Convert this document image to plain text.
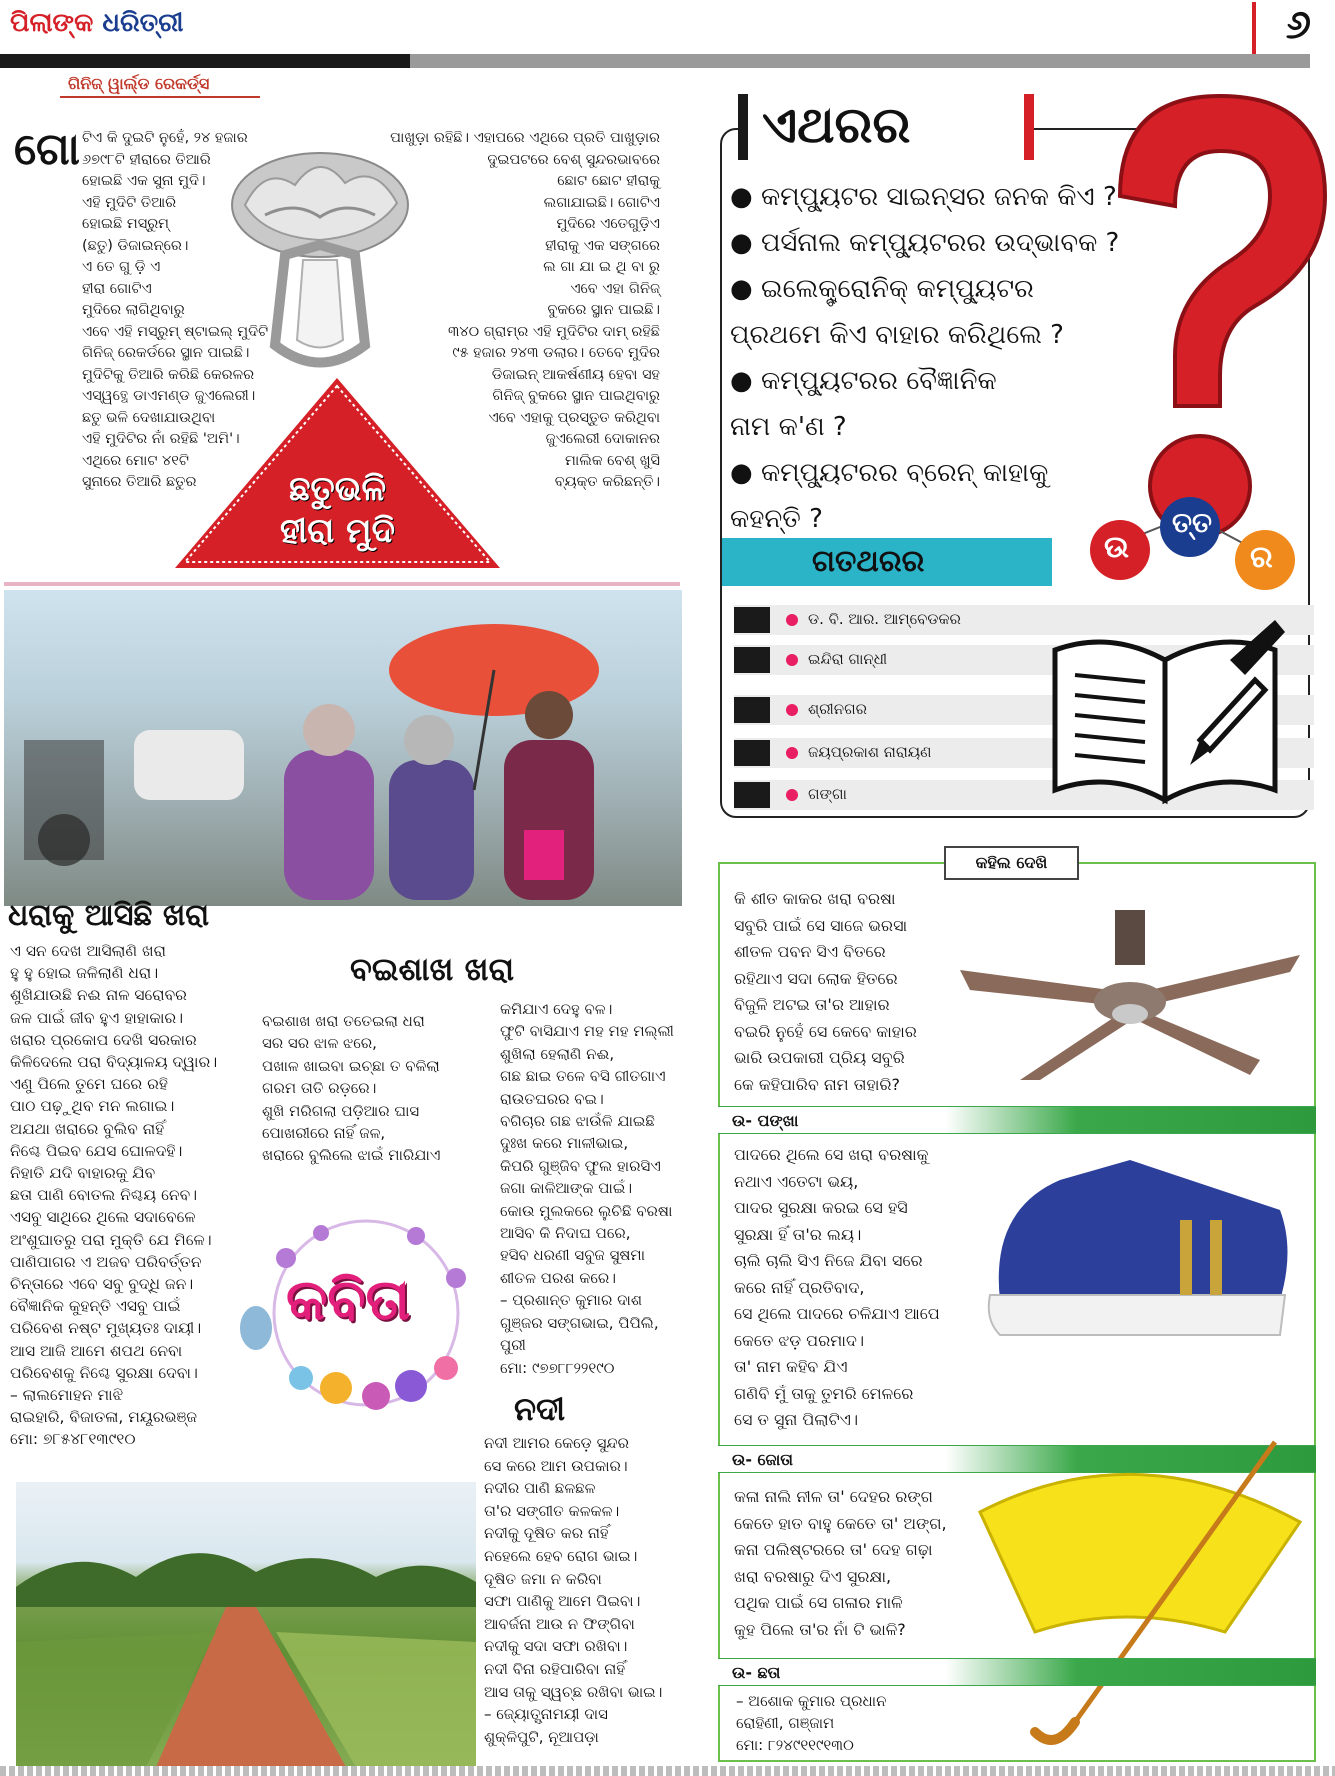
ପିଲାଙ୍କ ଧରିତ୍ରୀ	୬
ଗିନିଜ୍ ୱାର୍ଲ୍ଡ ରେକର୍ଡ୍ସ
ଗୋ ଟିଏ କି ଦୁଇଟି ନୁହେଁ, ୨୪ ହଜାର
୬୭୯୮ଟି ହୀରାରେ ତିଆରି
ହୋଇଛି ଏକ ସୁନା ମୁଦି।
ଏହି ମୁଦିଟି ତିଆରି
ହୋଇଛି ମସ୍‌ରୁମ୍
(ଛତୁ) ଡିଜାଇନ୍‌ରେ।
ଏ ତେ ଗୁ ଡ଼ି ଏ
ହୀରା ଗୋଟିଏ
ମୁଦିରେ ଲାଗିଥିବାରୁ
ଏବେ ଏହି ମସ୍‌ରୁମ୍ ଷ୍ଟାଇଲ୍ ମୁଦିଟି
ଗିନିଜ୍ ରେକର୍ଡରେ ସ୍ଥାନ ପାଇଛି।
ମୁଦିଟିକୁ ତିଆରି କରିଛି କେରଳର
ଏସ୍‌ୱତ୍ଥେ ଡାଏମଣ୍ଡ ଜୁଏଲେରୀ।
ଛତୁ ଭଳି ଦେଖାଯାଉଥିବା
ଏହି ମୁଦିଟିର ନାଁ ରହିଛି 'ଅମି'।
ଏଥିରେ ମୋଟ ୪୧ଟି
ସୁନାରେ ତିଆରି ଛତୁର
ପାଖୁଡ଼ା ରହିଛି। ଏହାପରେ ଏଥିରେ ପ୍ରତି ପାଖୁଡ଼ାର
ଦୁଇପଟରେ ବେଶ୍ ସୁନ୍ଦରଭାବରେ
ଛୋଟ ଛୋଟ ହୀରାକୁ
ଲଗାଯାଇଛି। ଗୋଟିଏ
ମୁଦିରେ ଏତେଗୁଡ଼ିଏ
ହୀରାକୁ ଏକ ସଙ୍ଗରେ
ଲ ଗା ଯା ଇ ଥି ବା ରୁ
ଏବେ ଏହା ଗିନିଜ୍
ବୁକରେ ସ୍ଥାନ ପାଇଛି।
୩୪୦ ଗ୍ରାମ୍‌ର ଏହି ମୁଦିଟିର ଦାମ୍ ରହିଛି
୯୫ ହଜାର ୨୪୩ ଡଲାର। ତେବେ ମୁଦିର
ଡିଜାଇନ୍ ଆକର୍ଷଣୀୟ ହେବା ସହ
ଗିନିଜ୍ ବୁକରେ ସ୍ଥାନ ପାଇଥିବାରୁ
ଏବେ ଏହାକୁ ପ୍ରସ୍ତୁତ କରିଥିବା
ଜୁଏଲେରୀ ଦୋକାନର
ମାଲିକ ବେଶ୍ ଖୁସି
ବ୍ୟକ୍ତ କରିଛନ୍ତି।
ଛତୁଭଳି
ହୀରା ମୁଦି
ଧରାକୁ ଆସିଛି ଖରା
ଏ ସନ ଦେଖ ଆସିଲାଣି ଖରା
ହୁ ହୁ ହୋଇ ଜଳିଲାଣି ଧରା।
ଶୁଖିଯାଉଛି ନଈ ନାଳ ସରୋବର
ଜଳ ପାଇଁ ଜୀବ ହୁଏ ହାହାକାର।
ଖରାର ପ୍ରକୋପ ଦେଖି ସରକାର
କିଳିଦେଲେ ପରା ବିଦ୍ୟାଳୟ ଦ୍ୱାର।
ଏଣୁ ପିଲେ ତୁମେ ଘରେ ରହି
ପାଠ ପଢ଼ୁଥିବ ମନ ଲଗାଇ।
ଅଯଥା ଖରାରେ ବୁଲିବ ନାହିଁ
ନିଶ୍ଚେ ପିଇବ ଯେସ ଘୋଳଦହି।
ନିହାତି ଯଦି ବାହାରକୁ ଯିବ
ଛତା ପାଣି ବୋତଲ ନିଶ୍ଚୟ ନେବ।
ଏସବୁ ସାଥିରେ ଥିଲେ ସଦାବେଳେ
ଅଂଶୁଘାତରୁ ପରା ମୁକ୍ତି ଯେ ମିଳେ।
ପାଣିପାଗର ଏ ଅଜବ ପରିବର୍ତ୍ତନ
ଚିନ୍ତାରେ ଏବେ ସବୁ ବୁଦ୍ଧି ଜନ।
ବୈଜ୍ଞାନିକ କୁହନ୍ତି ଏସବୁ ପାଇଁ
ପରିବେଶ ନଷ୍ଟ ମୁଖ୍ୟତଃ ଦାୟୀ।
ଆସ ଆଜି ଆମେ ଶପଥ ନେବା
ପରିବେଶକୁ ନିଶ୍ଚେ ସୁରକ୍ଷା ଦେବା।
– ଲାଲମୋହନ ମାଝି
ରାଇହାରି, ବିଜାତଳା, ମୟୂରଭଞ୍ଜ
ମୋ: ୭୮୫୪୮୧୩୯୧୦
ବଇଶାଖ ଖରା
ବଇଶାଖ ଖରା ତତେଇଲା ଧରା
ସର ସର ଝାଳ ଝରେ,
ପଖାଳ ଖାଇବା ଇଚ୍ଛା ତ ବଳିଲା
ଗରମ ତାତି ରଡ଼ରେ।
ଶୁଖି ମରିଗଲା ପଡ଼ିଆର ଘାସ
ପୋଖରୀରେ ନାହିଁ ଜଳ,
ଖରାରେ ବୁଲିଲେ ଝାଇଁ ମାରିଯାଏ
କମିଯାଏ ଦେହୁ ବଳ।
ଫୁଟି ବାସିଯାଏ ମହ ମହ ମଲ୍ଲୀ
ଶୁଖିଲା ହେଲାଣି ନଈ,
ଗଛ ଛାଇ ତଳେ ବସି ଗୀତଗାଏ
ରାଉତଘରର ବଇ।
ବଗିଚାର ଗଛ ଝାଉଁଳି ଯାଇଛି
ଦୁଃଖ କରେ ମାଳୀଭାଇ,
କିପରି ଗୁଞ୍ଜିବ ଫୁଲ ହାରସିଏ
ଜଗା କାଳିଆଙ୍କ ପାଇଁ।
କୋଉ ମୁଲକରେ ଲୁଚିଛି ବରଷା
ଆସିବ କି ନିଦାଘ ପରେ,
ହସିବ ଧରଣୀ ସବୁଜ ସୁଷମା
ଶୀତଳ ପରଶ କରେ।
– ପ୍ରଶାନ୍ତ କୁମାର ଦାଶ
ଗୁଞ୍ଜର ସଙ୍ଗଭାଇ, ପିପିଲି, ପୁରୀ
ମୋ: ୯୭୭୮୮୨୨୧୯୦
କବିତା
ନଦୀ
ନଦୀ ଆମର କେଡ଼େ ସୁନ୍ଦର
ସେ କରେ ଆମ ଉପକାର।
ନଦୀର ପାଣି ଛଳଛଳ
ତା'ର ସଙ୍ଗୀତ କଳକଳ।
ନଦୀକୁ ଦୂଷିତ କର ନାହିଁ
ନହେଲେ ହେବ ରୋଗ ଭାଇ।
ଦୂଷିତ ଜମା ନ କରିବା
ସଫା ପାଣିକୁ ଆମେ ପିଇବା।
ଆବର୍ଜନା ଆଉ ନ ଫିଙ୍ଗିବା
ନଦୀକୁ ସଦା ସଫା ରଖିବା।
ନଦୀ ବିନା ରହିପାରିବା ନାହିଁ
ଆସ ତାକୁ ସ୍ୱଚ୍ଛ ରଖିବା ଭାଇ।
– ଜ୍ୟୋତ୍ସ୍ନାମୟୀ ଦାସ
ଶୁକ୍ଳିପୁଟି, ନୂଆପଡ଼ା
ଏଥରର
● କମ୍ପ୍ୟୁଟର ସାଇନ୍ସର ଜନକ କିଏ ?
● ପର୍ସନାଲ କମ୍ପ୍ୟୁଟରର ଉଦ୍ଭାବକ ?
● ଇଲେକ୍ଟ୍ରୋନିକ୍ କମ୍ପ୍ୟୁଟର
ପ୍ରଥମେ କିଏ ବାହାର କରିଥିଲେ ?
● କମ୍ପ୍ୟୁଟରର ବୈଜ୍ଞାନିକ
ନାମ କ'ଣ ?
● କମ୍ପ୍ୟୁଟରର ବ୍ରେନ୍ କାହାକୁ
କହନ୍ତି ?
ଉ
ତ୍ତ
ର
ଗତଥରର
ଡ. ବି. ଆର. ଆମ୍ବେଡକର
ଇନ୍ଦିରା ଗାନ୍ଧୀ
ଶ୍ରୀନଗର
ଜୟପ୍ରକାଶ ନାରାୟଣ
ଗଙ୍ଗା
କହିଲ ଦେଖି
କି ଶୀତ କାକର ଖରା ବରଷା
ସବୁରି ପାଇଁ ସେ ସାଜେ ଭରସା
ଶୀତଳ ପବନ ସିଏ ବିତରେ
ରହିଥାଏ ସଦା ଲୋକ ହିତରେ
ବିଜୁଳି ଅଟଇ ତା'ର ଆହାର
ବଇରି ନୁହେଁ ସେ କେବେ କାହାର
ଭାରି ଉପକାରୀ ପ୍ରିୟ ସବୁରି
କେ କହିପାରିବ ନାମ ତାହାରି?
ଉ- ପଙ୍ଖା
ପାଦରେ ଥିଲେ ସେ ଖରା ବରଷାକୁ
ନଥାଏ ଏତେଟା ଭୟ,
ପାଦର ସୁରକ୍ଷା କରଇ ସେ ହସି
ସୁରକ୍ଷା ହିଁ ତା'ର ଲୟ।
ଚାଲି ଚାଲି ସିଏ ନିଜେ ଯିବା ସରେ
କରେ ନାହିଁ ପ୍ରତିବାଦ,
ସେ ଥିଲେ ପାଦରେ ଚଳିଯାଏ ଆପେ
କେତେ ଝଡ଼ ପରମାଦ।
ତା' ନାମ କହିବ ଯିଏ
ଗଣିବି ମୁଁ ତାକୁ ତୁମରି ମେଳରେ
ସେ ତ ସୁନା ପିଲାଟିଏ।
ଉ- ଜୋତା
କଳା ନାଲି ନୀଳ ତା' ଦେହର ରଙ୍ଗ
କେତେ ହାତ ବାହୁ କେତେ ତା' ଅଙ୍ଗ,
କନା ପଲିଷ୍ଟରରେ ତା' ଦେହ ଗଢ଼ା
ଖରା ବରଷାରୁ ଦିଏ ସୁରକ୍ଷା,
ପଥିକ ପାଇଁ ସେ ଗଳାର ମାଳି
କୁହ ପିଲେ ତା'ର ନାଁ ଟି ଭାଳି?
ଉ- ଛତା
– ଅଶୋକ କୁମାର ପ୍ରଧାନ
ରୋହିଣୀ, ଗଞ୍ଜାମ
ମୋ: ୮୨୪୯୧୧୯୧୩୦
